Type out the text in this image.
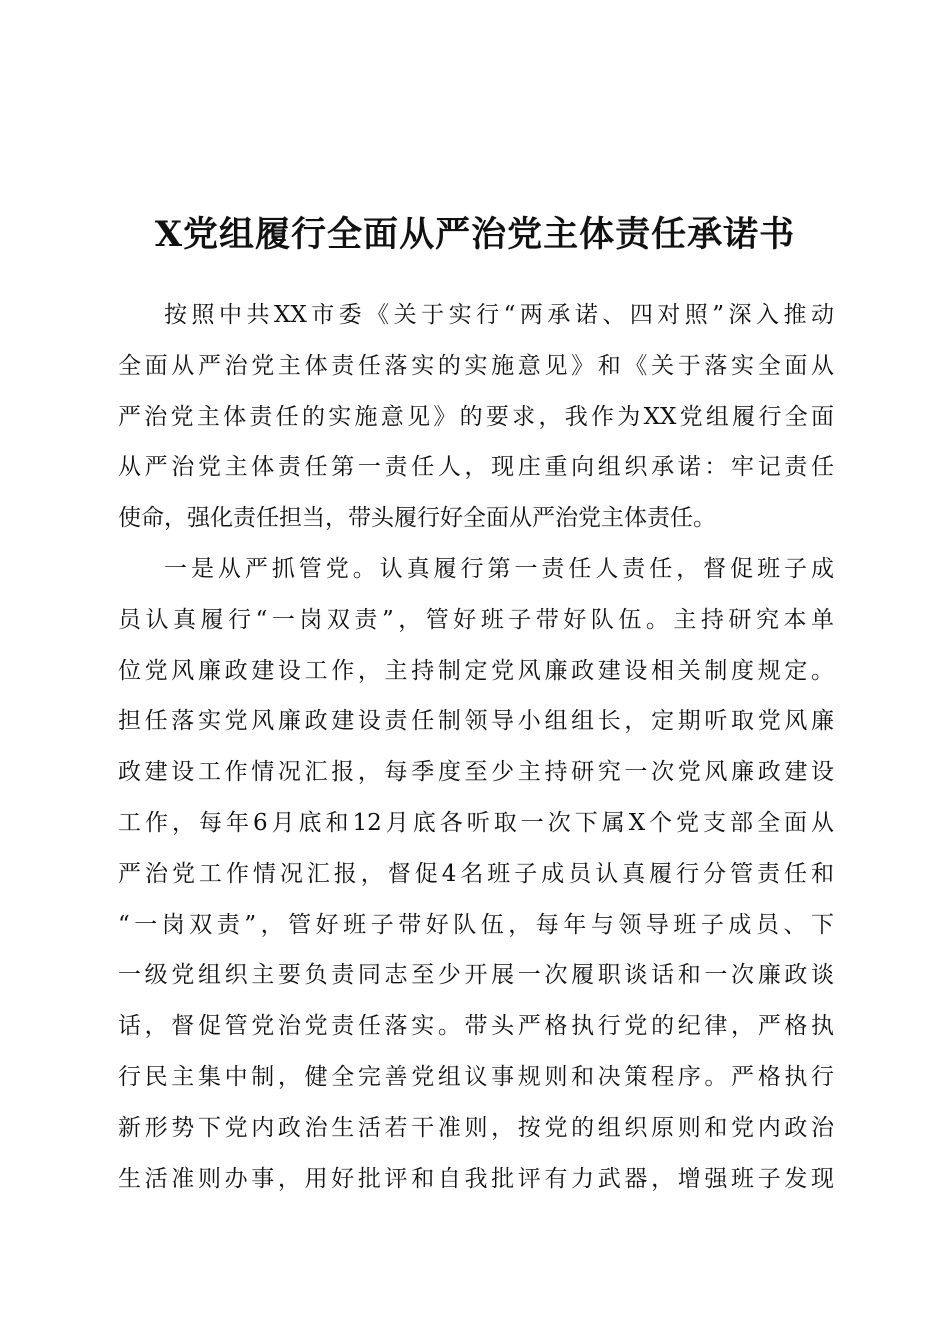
X党组履行全面从严治党主体责任承诺书
按照中共XX市委《关于实行“两承诺、四对照”深入推动
全面从严治党主体责任落实的实施意见》和《关于落实全面从
严治党主体责任的实施意见》的要求，我作为XX党组履行全面
从严治党主体责任第一责任人，现庄重向组织承诺：牢记责任
使命，强化责任担当，带头履行好全面从严治党主体责任。
一是从严抓管党。认真履行第一责任人责任，督促班子成
员认真履行“一岗双责”，管好班子带好队伍。主持研究本单
位党风廉政建设工作，主持制定党风廉政建设相关制度规定。
担任落实党风廉政建设责任制领导小组组长，定期听取党风廉
政建设工作情况汇报，每季度至少主持研究一次党风廉政建设
工作，每年6月底和12月底各听取一次下属X个党支部全面从
严治党工作情况汇报，督促4名班子成员认真履行分管责任和
“一岗双责”，管好班子带好队伍，每年与领导班子成员、下
一级党组织主要负责同志至少开展一次履职谈话和一次廉政谈
话，督促管党治党责任落实。带头严格执行党的纪律，严格执
行民主集中制，健全完善党组议事规则和决策程序。严格执行
新形势下党内政治生活若干准则，按党的组织原则和党内政治
生活准则办事，用好批评和自我批评有力武器，增强班子发现
